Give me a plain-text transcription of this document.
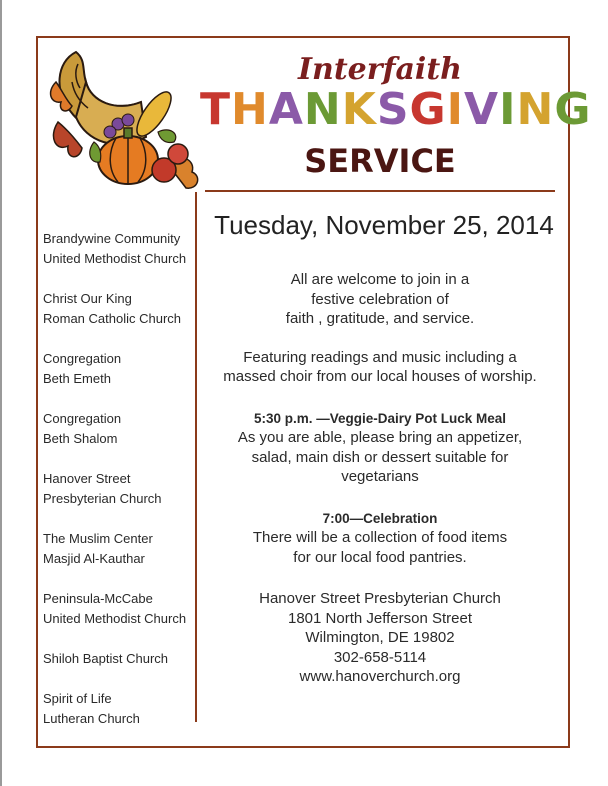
Interfaith
THANKSGIVING
SERVICE
Tuesday, November 25, 2014
Brandywine Community
United Methodist Church
Christ Our King
Roman Catholic Church
Congregation
Beth Emeth
Congregation
Beth Shalom
Hanover Street
Presbyterian Church
The Muslim Center
Masjid Al-Kauthar
Peninsula-McCabe
United Methodist Church
Shiloh Baptist Church
Spirit of Life
Lutheran Church

All are welcome to join in a

festive celebration of

faith , gratitude, and service.

Featuring readings and music including a

massed choir from our local houses of worship.

5:30 p.m. —Veggie-Dairy Pot Luck Meal

As you are able, please bring an appetizer,

salad, main dish or dessert suitable for

vegetarians

7:00—Celebration

There will be a collection of food items

for our local food pantries.

Hanover Street Presbyterian Church

1801 North Jefferson Street

Wilmington, DE 19802

302-658-5114

www.hanoverchurch.org
